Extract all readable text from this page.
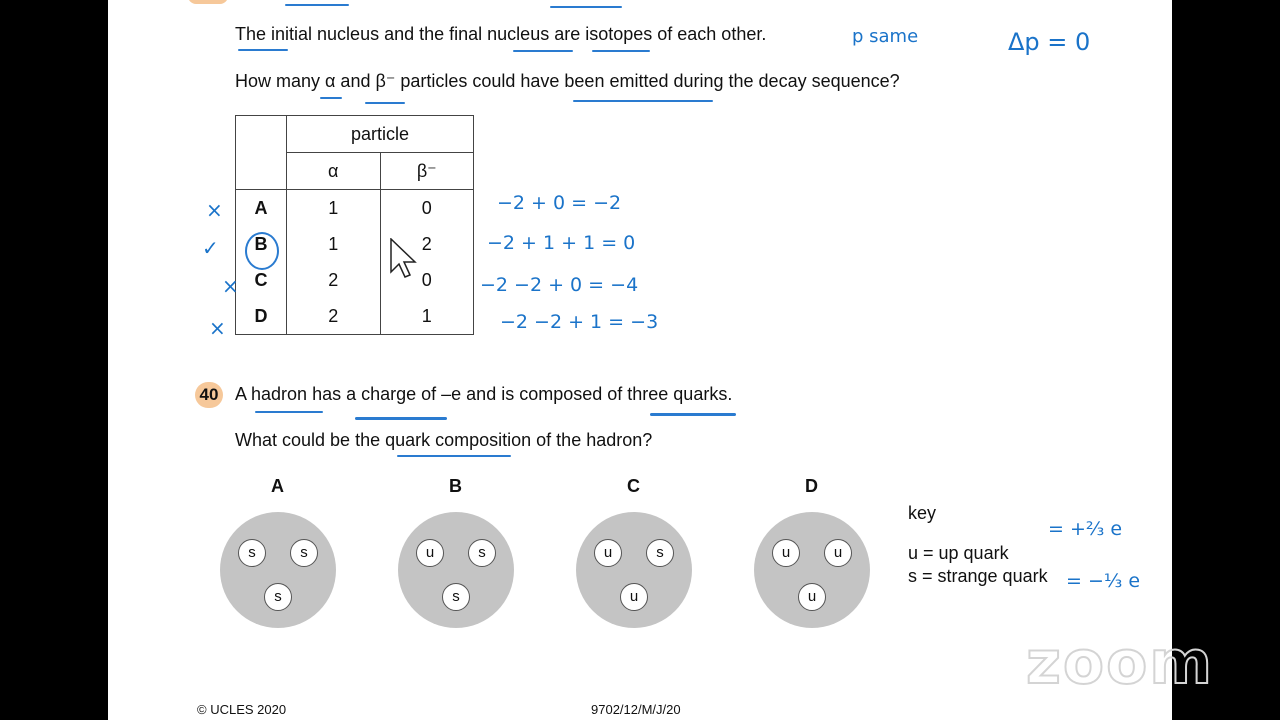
The initial nucleus and the final nucleus are isotopes of each other.	p same	Δp = 0
How many α and β⁻ particles could have been emitted during the decay sequence?
	particle	
	α	β⁻
A	1	0
B	1	2
C	2	0
D	2	1
×
✓
×
×
−2 + 0 = −2
−2 + 1 + 1 = 0
−2 −2 + 0 = −4
−2 −2 + 1 = −3
40 A hadron has a charge of –e and is composed of three quarks.
What could be the quark composition of the hadron?
A
s	s
s
B
u	s
s
C
u	s
u
D
u	u
u
key
u = up quark
s = strange quark
= +⅔ e
= −⅓ e
© UCLES 2020	9702/12/M/J/20
zoom
